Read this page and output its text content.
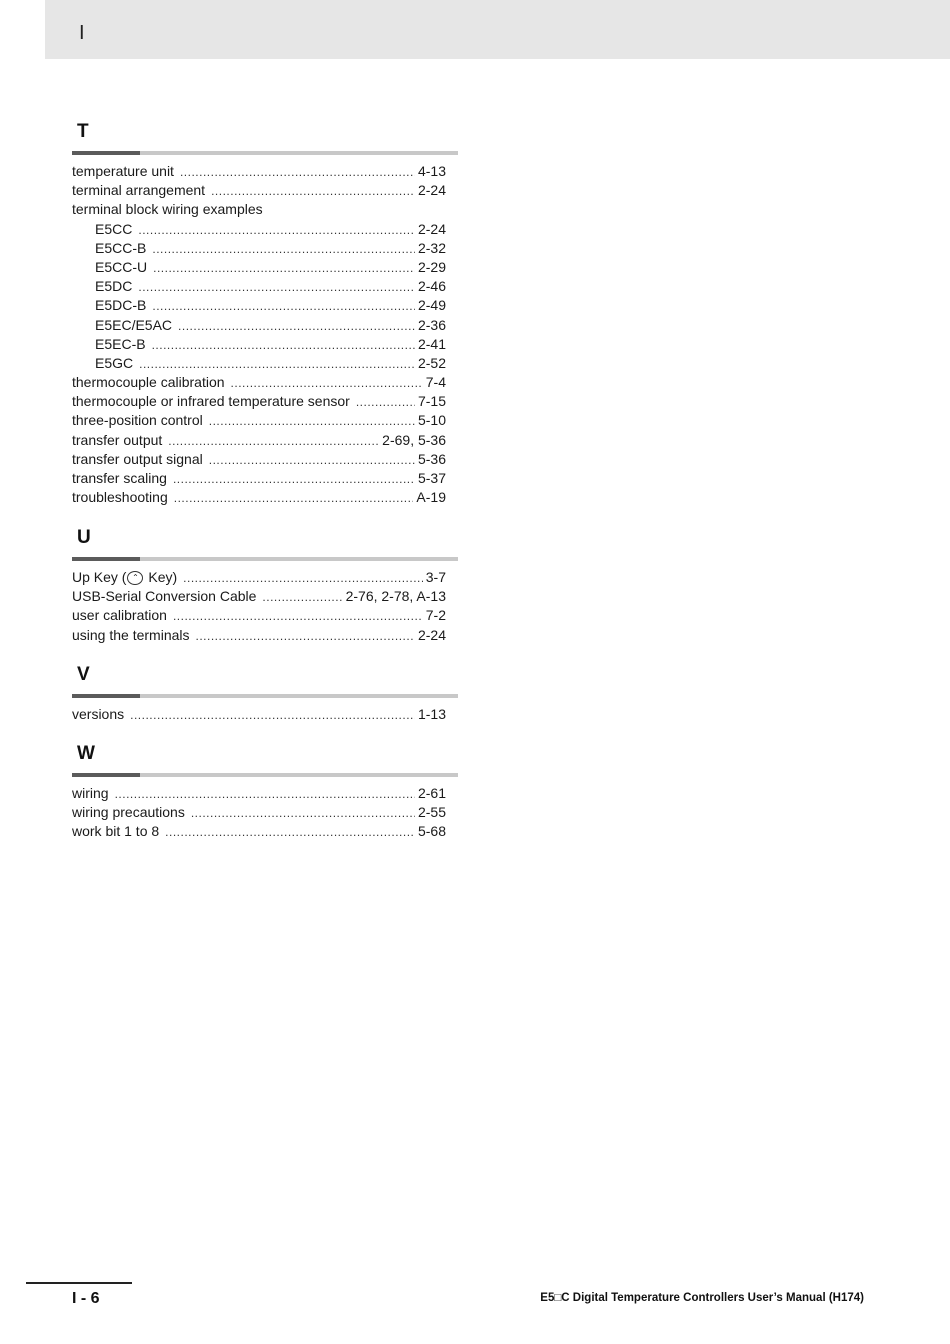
I
T
temperature unit .....	4-13
terminal arrangement .....	2-24
terminal block wiring examples
E5CC .....	2-24
E5CC-B .....	2-32
E5CC-U .....	2-29
E5DC .....	2-46
E5DC-B .....	2-49
E5EC/E5AC .....	2-36
E5EC-B .....	2-41
E5GC .....	2-52
thermocouple calibration .....	7-4
thermocouple or infrared temperature sensor .....	7-15
three-position control .....	5-10
transfer output .....	2-69, 5-36
transfer output signal .....	5-36
transfer scaling .....	5-37
troubleshooting .....	A-19
U
Up Key ( ⌃ Key) .....	3-7
USB-Serial Conversion Cable .....	2-76, 2-78, A-13
user calibration .....	7-2
using the terminals .....	2-24
V
versions .....	1-13
W
wiring .....	2-61
wiring precautions .....	2-55
work bit 1 to 8 .....	5-68
I - 6	E5□C Digital Temperature Controllers User’s Manual (H174)
